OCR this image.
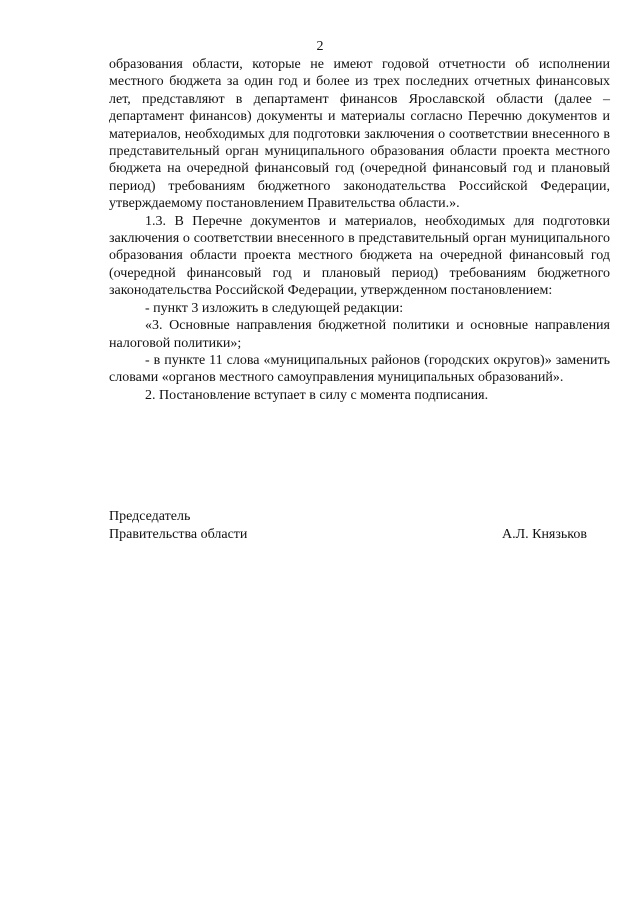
2

образования области, которые не имеют годовой отчетности об исполнении местного бюджета за один год и более из трех последних отчетных финансовых лет, представляют в департамент финансов Ярославской области (далее – департамент финансов) документы и материалы согласно Перечню документов и материалов, необходимых для подготовки заключения о соответствии внесенного в представительный орган муниципального образования области проекта местного бюджета на очередной финансовый год (очередной финансовый год и плановый период) требованиям бюджетного законодательства Российской Федерации, утверждаемому постановлением Правительства области.».

1.3. В Перечне документов и материалов, необходимых для подготовки заключения о соответствии внесенного в представительный орган муниципального образования области проекта местного бюджета на очередной финансовый год (очередной финансовый год и плановый период) требованиям бюджетного законодательства Российской Федерации, утвержденном постановлением:

- пункт 3 изложить в следующей редакции:

«3. Основные направления бюджетной политики и основные направления налоговой политики»;

- в пункте 11 слова «муниципальных районов (городских округов)» заменить словами «органов местного самоуправления муниципальных образований».

2. Постановление вступает в силу с момента подписания.

Председатель
Правительства области	А.Л. Князьков
